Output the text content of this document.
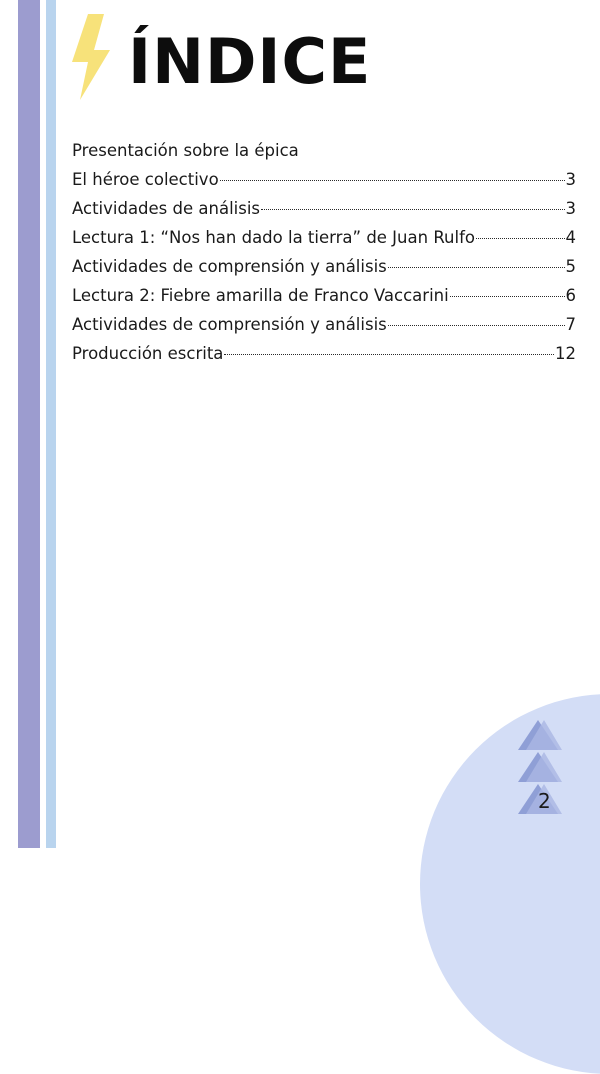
ÍNDICE
Presentación sobre la épica
El héroe colectivo	3
Actividades de análisis	3
Lectura 1: “Nos han dado la tierra” de Juan Rulfo	4
Actividades de comprensión y análisis	5
Lectura 2: Fiebre amarilla de Franco Vaccarini	6
Actividades de comprensión y análisis	7
Producción escrita	12
2
